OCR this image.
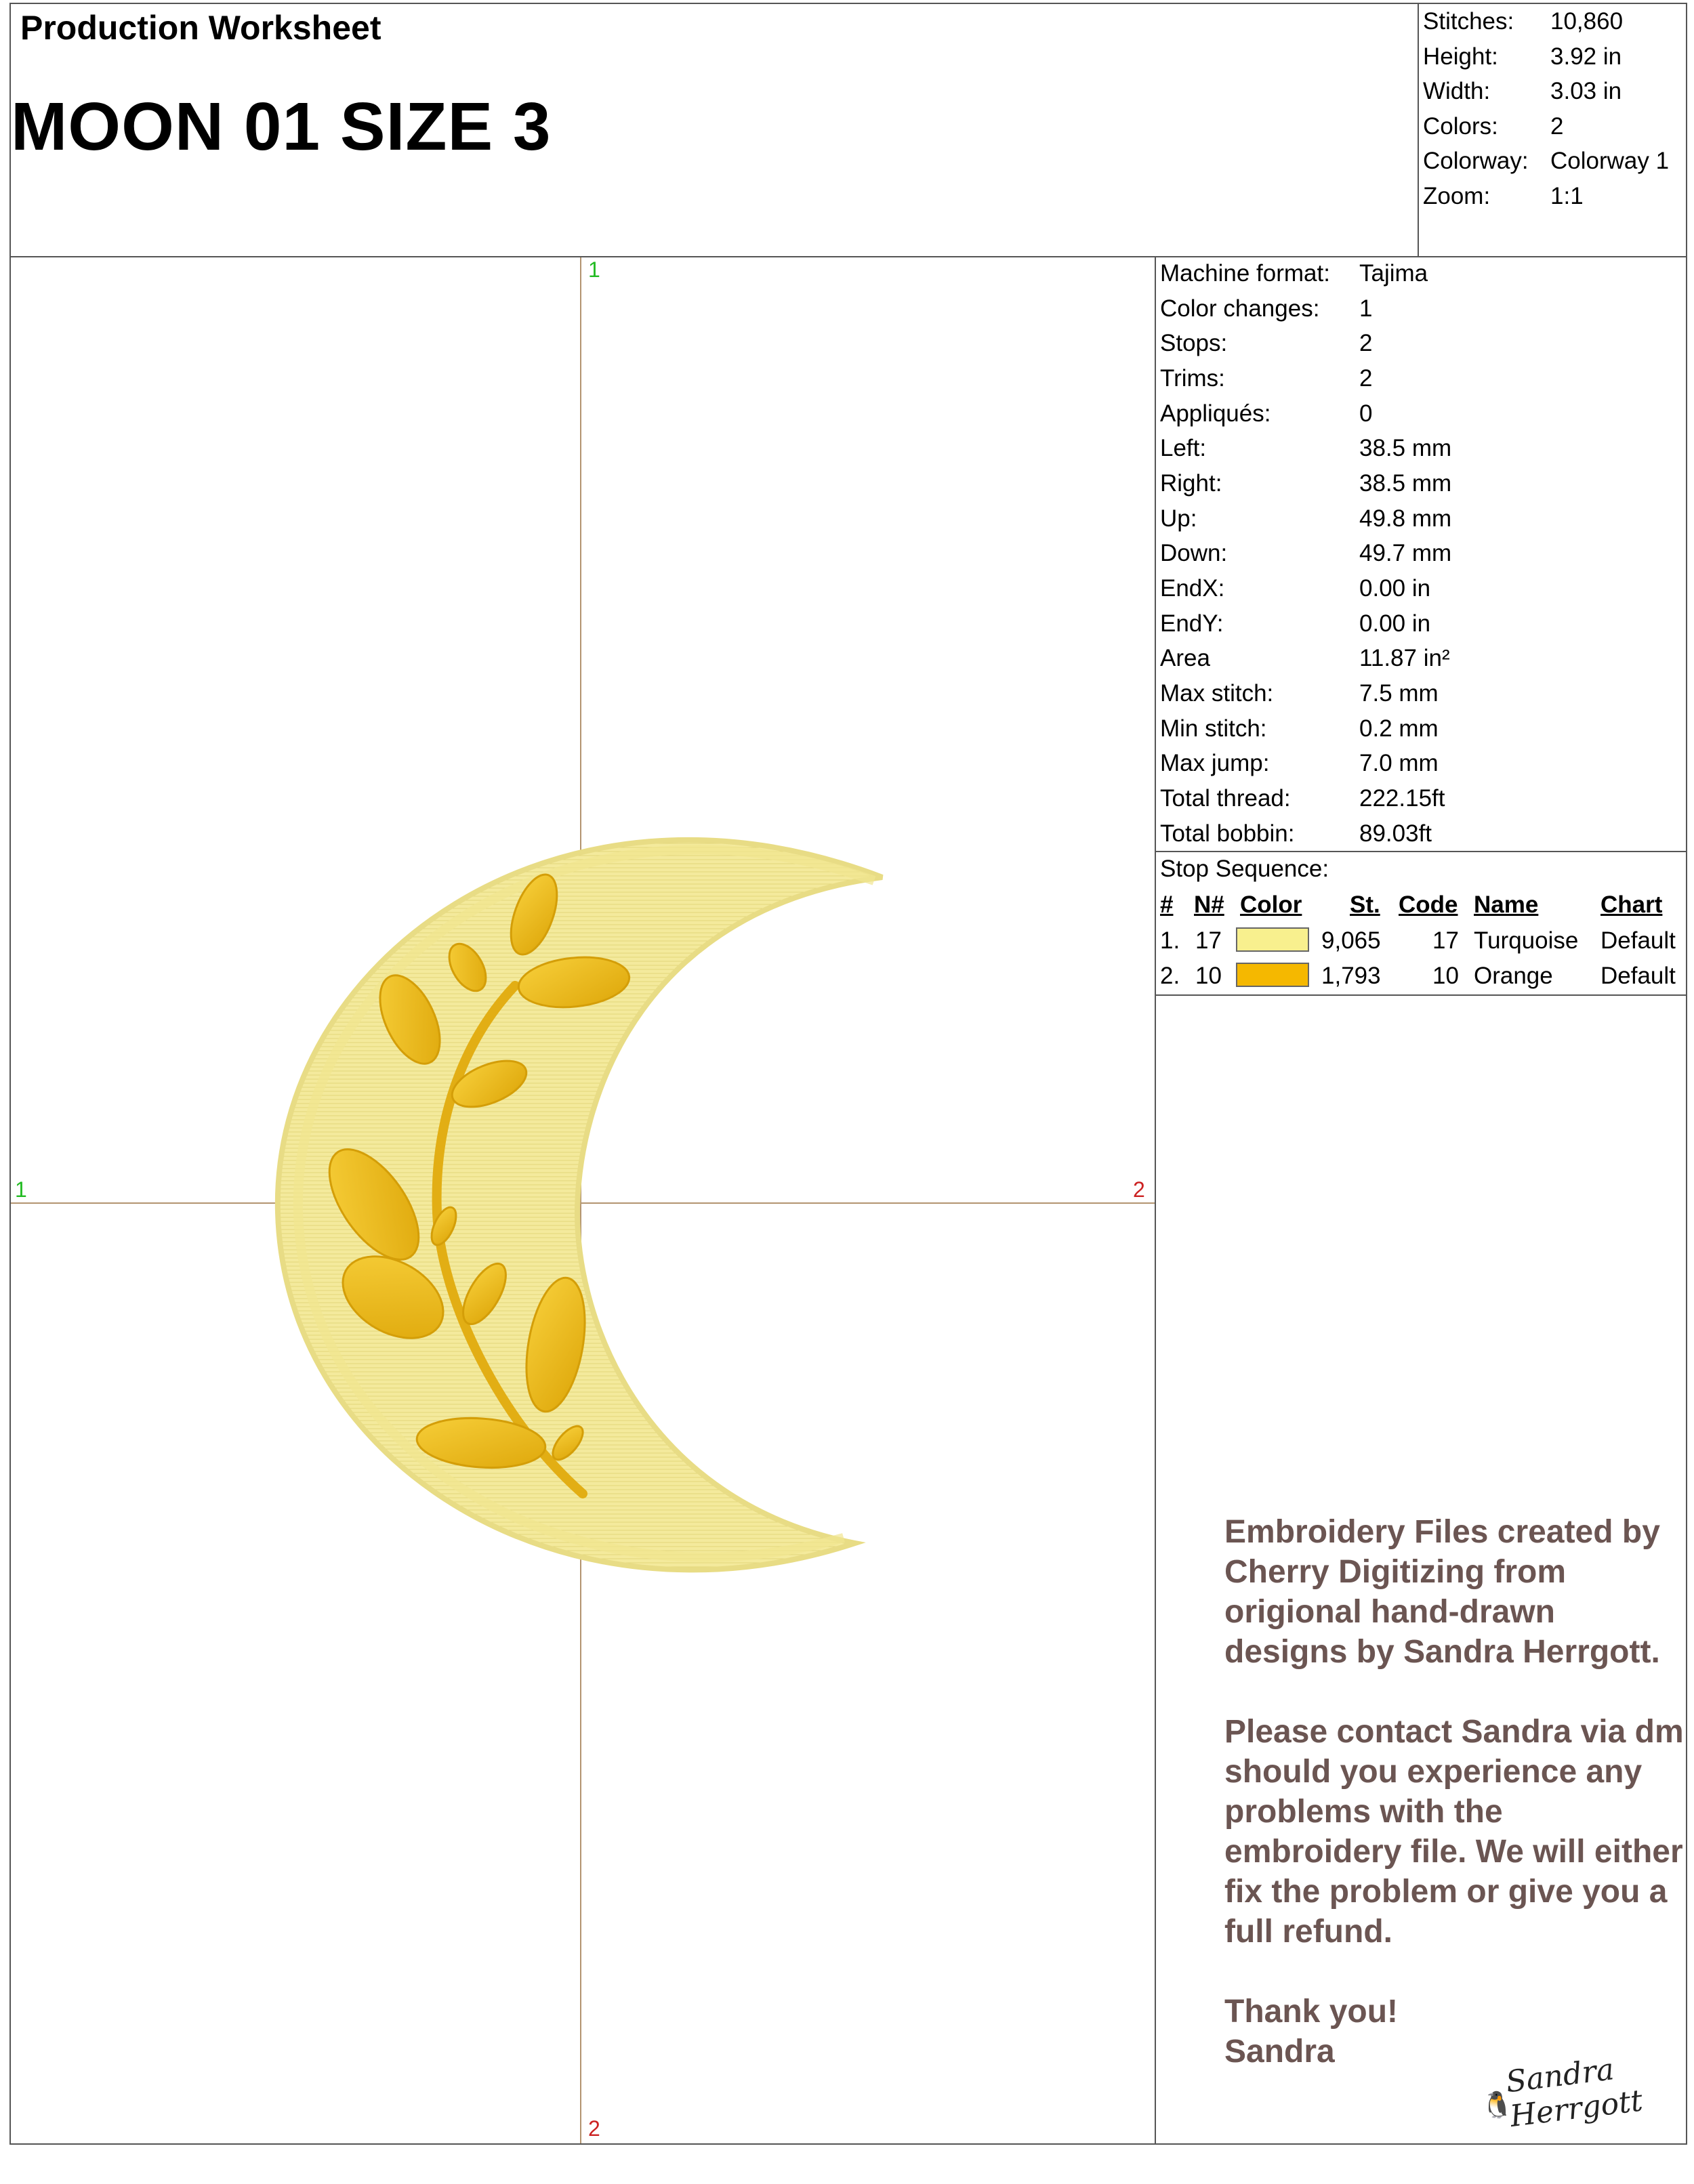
Production Worksheet
MOON 01 SIZE 3
Stitches: 10,860
Height: 3.92 in
Width:	3.03 in
Colors: 2
Colorway: Colorway 1
Zoom:	1:1
Machine format: Tajima
Color changes: 1
Stops:	2
Trims:	2
Appliqués:	0
Left:	38.5 mm
Right:	38.5 mm
Up:	49.8 mm
Down:	49.7 mm
EndX:	0.00 in
EndY:	0.00 in
Area	11.87 in²
Max stitch:	7.5 mm
Min stitch:	0.2 mm
Max jump:	7.0 mm
Total thread:	222.15ft
Total bobbin:	89.03ft
Stop Sequence:
# N# Color St. Code Name	Chart
1. 17	9,065 17 Turquoise Default
2. 10	1,793 10 Orange Default
1
1	2
2

Embroidery Files created by Cherry Digitizing from origional hand-drawn designs by Sandra Herrgott.

Please contact Sandra via dm should you experience any problems with the embroidery file. We will either fix the problem or give you a full refund.

Thank you!
Sandra
🐧
Sandra Herrgott
